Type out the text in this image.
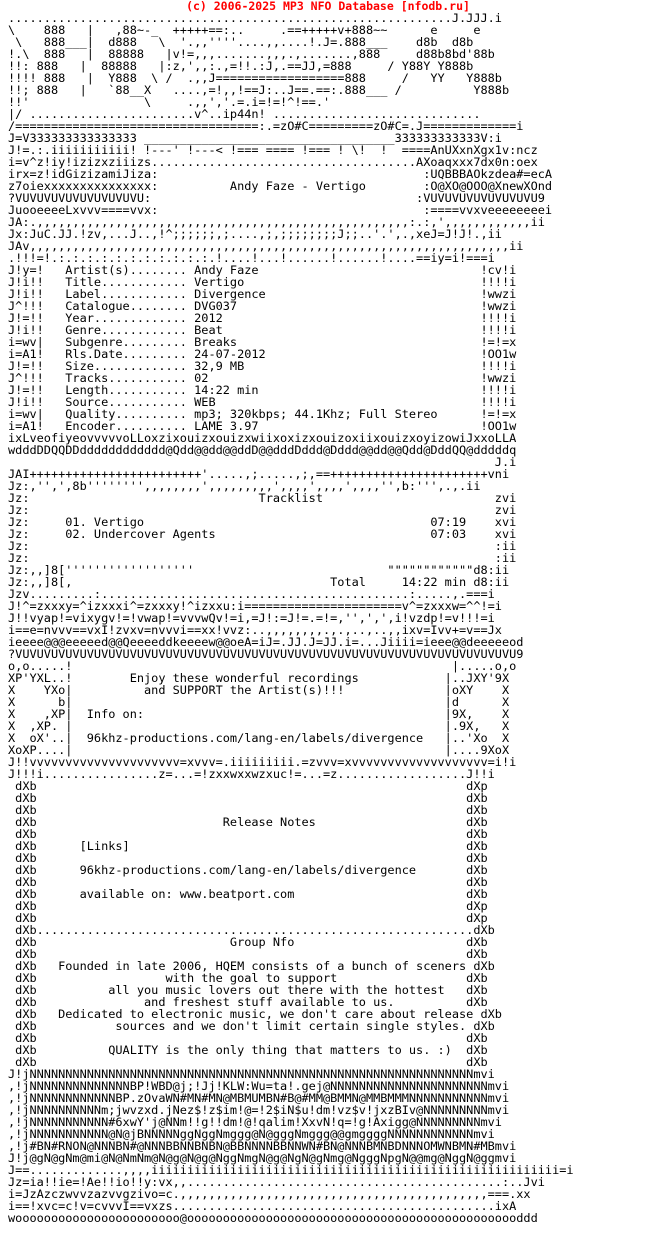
(c) 2006-2025 MP3 NFO Database [nfodb.ru]
..............................................................J.JJJ.i
\    888   |   ,88~-_  +++++==:..     .==+++++v+888~~      e     e
\   888___|  d888   \  '.,,''''....,,....!.J=.888___    d8b  d8b
!.\  888   |  88888   |v!=,,,.......,,,.,.......,888     d88b8bd'88b
!!: 888   |  88888   |:z,',,:.,=!!.:J,.==JJ,=888     / Y88Y Y888b
!!!! 888   |  Y888  \ /  .,,J==================888     /   YY   Y888b
!!; 888   |   `88__X   ....,=!,,!==J:..J==.==:.888___ /          Y888b
!!'                \     .,,','.=.i=!=!^!==.'
|/ .......................v^..ip44n! .............................
/==================================:.=zO#C=========zO#C=.J=============i
J=V333333333333333 ___________________________________333333333333V:i
J!=.:.iiiiiiiiiii! !---' !---< !=== ==== !=== ! \!  !  ====AnUXxnXgx1v:ncz
i=v^z!iy!izizxziiizs.....................................AXoaqxxx7dx0n:oex
irx=z!idGizizamiJiza:                                     :UQBBBAOkzdea#=ecA
z7oiexxxxxxxxxxxxxxx:          Andy Faze - Vertigo        :O@XO@OOO@XnewXOnd
?VUVUVUVUVUVUVUVUVU:                                     :VUVUVUVUVUVUVUVU9
JuooeeeeLxvvv====vvx:                                     :====vvxveeeeeeeei
JA:.,,,,,,,,,,,,,,,,,,,,,,,,,,,,,,,,,,,,,,,,,,,,,,,,,,,,:.:,',,,,,,,,,,,,ii
Jx:JuC.JJ.!zv,...J..,!^;;;;;;,;....,;,;;;;;;;;J;;..'.',.,xeJ=J!J!.,ii
JAv,,,,,,,,,,,,,,,,,,,,,,,,,,,,,,,,,,,,,,,,,,,,,,,,,,,,,,,,,,,,,,,,,,,ii
.!!!=!.:.:.:.:.:.:.:.:.:.:.:.!....!...!......!......!....==iy=i!===i
J!y=!   Artist(s)........ Andy Faze                               !cv!i
J!i!!   Title............ Vertigo                                 !!!!i
J!i!!   Label............ Divergence                              !wwzi
J^!!!   Catalogue........ DVG037                                  !wwzi
J!=!!   Year............. 2012                                    !!!!i
J!i!!   Genre............ Beat                                    !!!!i
i=wv|   Subgenre......... Breaks                                  !=!=x
i=A1!   Rls.Date......... 24-07-2012                              !OO1w
J!=!!   Size............. 32,9 MB                                 !!!!i
J^!!!   Tracks........... 02                                      !wwzi
J!=!!   Length........... 14:22 min                               !!!!i
J!i!!   Source........... WEB                                     !!!!i
i=wv|   Quality.......... mp3; 320kbps; 44.1Khz; Full Stereo      !=!=x
i=A1!   Encoder.......... LAME 3.97                               !OO1w
ixLveofiyeovvvvvoLLoxzixouizxouizxwiixoxizxouizoxiixouizxoyizowiJxxoLLA
wdddDDQQDDdddddddddddd@Qdd@@dd@@ddD@@dddDddd@Dddd@@dd@@Qdd@DddQQ@dddddq
J.i
JAI++++++++++++++++++++++++'.....,;.....,;,==++++++++++++++++++++++vni
Jz:,'',',8b'''''''',,,,,,,,',,,,,,,,,',,,,',,,,',,,,'',b:''',.,.ii
Jz:                                Tracklist                        zvi
Jz:                                                                 zvi
Jz:     01. Vertigo                                        07:19    xvi
Jz:     02. Undercover Agents                              07:03    xvi
Jz:                                                                 :ii
Jz:                                                                 :ii
Jz:,,]8[''''''''''''''''''                           """"""""""""d8:ii
Jz:,,]8[,                                    Total     14:22 min d8:ii
Jzv.........:...........................................:.....,.===i
J!^=zxxxy=^izxxxi^=zxxxy!^izxxu:i======================v^=zxxxw=^^!=i
J!!vyap!=vixygv!=!vwap!=vvvwQv!=i,=J!:=J!=.=!=,'',',',i!vzdp!=v!!!=i
i==e=nvvv==vxI!zvxv=nvvvi==xx!vvz:..,,,,,,,,.,.,..,..,,ixv=Ivv+=v==Jx
ieeee@@@eeeeed@@Qeeeeddkeeeew@@oeA=iJ=.JJ.J=JJ.i=...Jiiii=ieee@@deeeeeod
?VUVUVUVUVUVUVUVUVUVUVUVUVUVUVUVUVUVUVUVUVUVUVUVUVUVUVUVUVUVUVUVUVUVUVU9
o,o.....!                                                     |.....o,o
XP'YXL..!        Enjoy these wonderful recordings            |..JXY'9X
X    YXo|          and SUPPORT the Artist(s)!!!              |oXY    X
X      b|                                                    |d      X
X    ,XP|  Info on:                                          |9X,    X
X  ,XP. |                                                    |.9X,   X
X  oX'..|  96khz-productions.com/lang-en/labels/divergence   |..'Xo  X
XoXP....|                                                    |....9XoX
J!!vvvvvvvvvvvvvvvvvvvvv=xvvv=.iiiiiiiii.=zvvv=xvvvvvvvvvvvvvvvvvvv=i!i
J!!!i................z=...=!zxxwxxwzxuc!=...=z..................J!!i
dXb                                                            dXp
dXb                                                            dXb
dXb                                                            dXb
dXb                          Release Notes                     dXb
dXb                                                            dXb
dXb      [Links]                                               dXb
dXb                                                            dXb
dXb      96khz-productions.com/lang-en/labels/divergence       dXb
dXb                                                            dXb
dXb      available on: www.beatport.com                        dXb
dXb                                                            dXp
dXb                                                            dXp
dXb.............................................................dXb
dXb                           Group Nfo                        dXb
dXb                                                            dXb
dXb   Founded in late 2006, HQEM consists of a bunch of sceners dXb
dXb                  with the goal to support                  dXb
dXb          all you music lovers out there with the hottest   dXb
dXb               and freshest stuff available to us.          dXb
dXb   Dedicated to electronic music, we don't care about release dXb
dXb           sources and we don't limit certain single styles. dXb
dXb                                                            dXb
dXb          QUALITY is the only thing that matters to us. :)  dXb
dXb                                                            dXb
J!jNNNNNNNNNNNNNNNNNNNNNNNNNNNNNNNNNNNNNNNNNNNNNNNNNNNNNNNNNNNNNNmvi
,!jNNNNNNNNNNNNNNBP!WBD@j;!Jj!KLW:Wu=ta!.gej@NNNNNNNNNNNNNNNNNNNNNNmvi
,!jNNNNNNNNNNNNBP.zOvaWN#MN#MN@MBMUMBN#B@#MM@BMMN@MMBMMMNNNNNNNNNNNmvi
,!jNNNNNNNNNNm;jwvzxd.jNez$!z$im!@=!2$iN$u!dm!vz$v!jxzBIv@NNNNNNNNNmvi
,!jNNNNNNNNNNN#6xwY'j@NNm!!g!!dm!@!qalim!XxvN!q=!g!Axigg@NNNNNNNNNmvi
,!jNNNNNNNNNNN@N@jBNNNNNggNggNmggg@N@gggNmggg@@gmggggNNNNNNNNNNNNmvi
,!j#BN#RNON@NNNBN#@NNNBBNNBNBN@BBNNNNBBNNWN#BN@NNNBMNBDNNNOMWNBMN#MBmvi
J!j@gN@gNm@mi@N@NmNm@N@g@N@g@NggNmgN@g@NgN@gNmg@NgggNpgN@@mg@NggN@ggmvi
J==.............,,,,iiiiiiiiiiiiiiiiiiiiiiiiiiiiiiiiiiiiiiiiiiiiiiiiiiiiiiiii=i
Jz=ia!!ie=!Ae!!io!!y:vx,,............................................:..Jvi
i=JzAzczwvvzazvvgzivo=c.,,,,,,,,,,,,,,,,,,,,,,,,,,,,,,,,,,,,,,,,,,,===.xx
i==!xvc=c!v=cvvvI==vxzs.............................................ixA
wooooooooooooooooooooooo@ooooooooooooooooooooooooooooooooooooooooooooooddd
